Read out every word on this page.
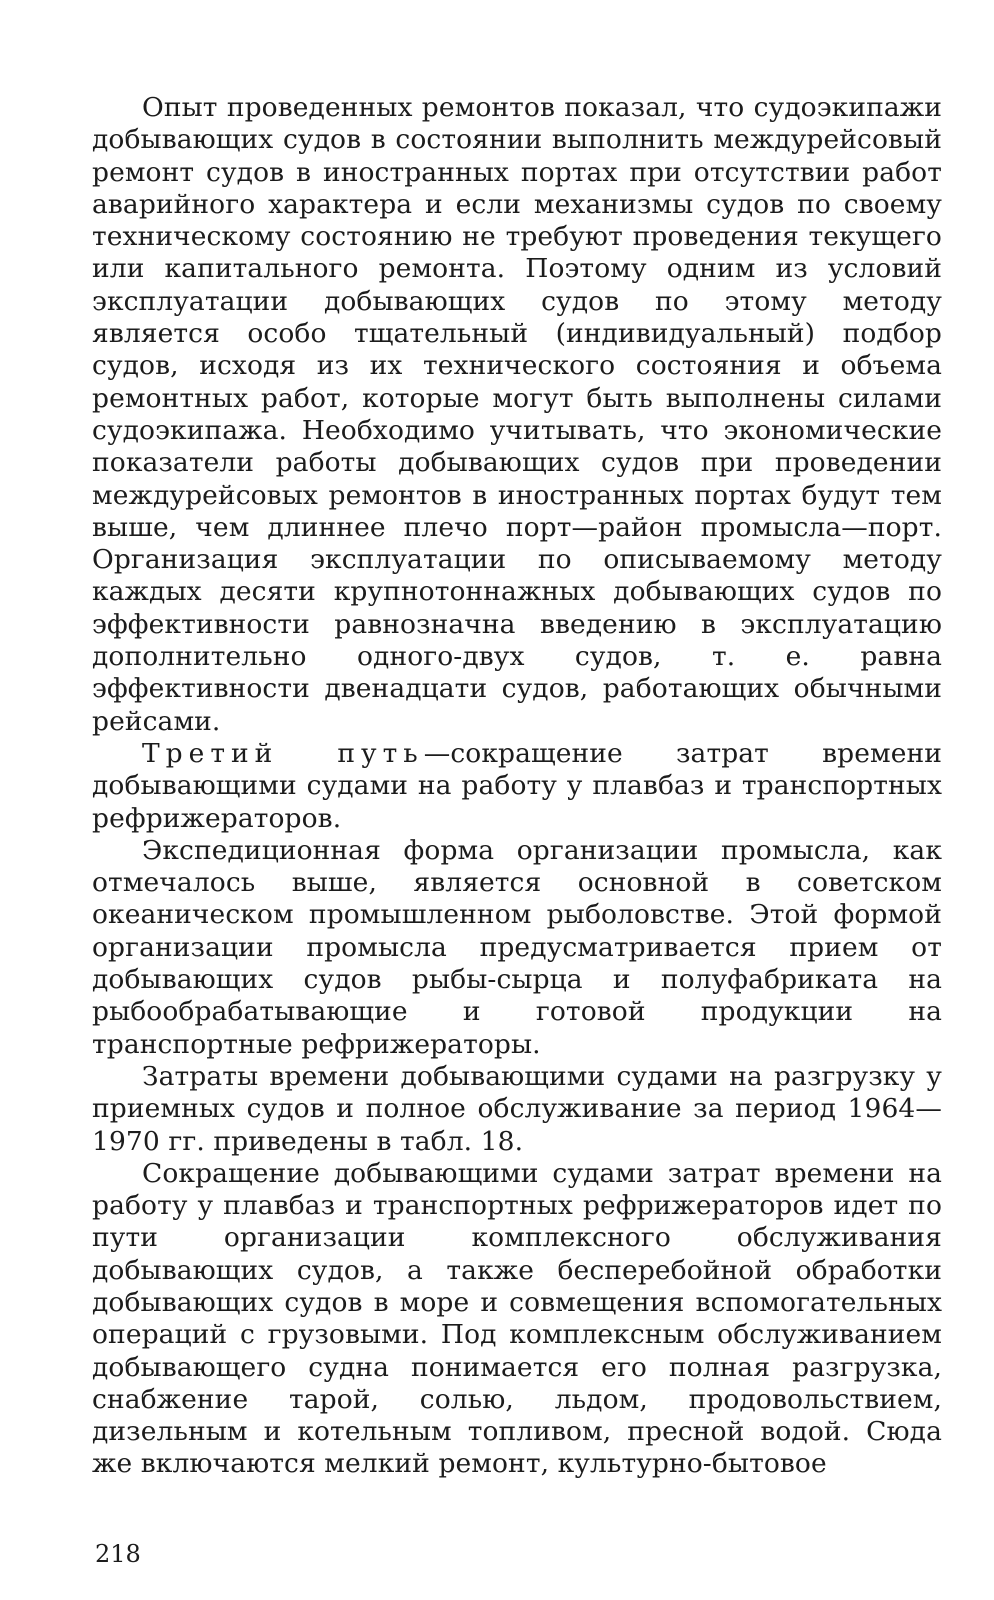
Опыт проведенных ремонтов показал, что судоэкипажи добывающих судов в состоянии выполнить междурейсовый ремонт судов в иностранных портах при отсутствии работ аварийного характера и если механизмы судов по своему техническому состоянию не требуют проведения текущего или капитального ремонта. Поэтому одним из условий эксплуатации добывающих судов по этому методу является особо тщательный (индивидуальный) подбор судов, исходя из их технического состояния и объема ремонтных работ, которые могут быть выполнены силами судоэкипажа. Необходимо учитывать, что экономические показатели работы добывающих судов при проведении междурейсовых ремонтов в иностранных портах будут тем выше, чем длиннее плечо порт—район промысла—порт. Организация эксплуатации по описываемому методу каждых десяти крупнотоннажных добывающих судов по эффективности равнозначна введению в эксплуатацию дополнительно одного-двух судов, т. е. равна эффективности двенадцати судов, работающих обычными рейсами.

Третий путь—сокращение затрат времени добывающими судами на работу у плавбаз и транспортных рефрижераторов.

Экспедиционная форма организации промысла, как отмечалось выше, является основной в советском океаническом промышленном рыболовстве. Этой формой организации промысла предусматривается прием от добывающих судов рыбы-сырца и полуфабриката на рыбообрабатывающие и готовой продукции на транспортные рефрижераторы.

Затраты времени добывающими судами на разгрузку у приемных судов и полное обслуживание за период 1964—1970 гг. приведены в табл. 18.

Сокращение добывающими судами затрат времени на работу у плавбаз и транспортных рефрижераторов идет по пути организации комплексного обслуживания добывающих судов, а также бесперебойной обработки добывающих судов в море и совмещения вспомогательных операций с грузовыми. Под комплексным обслуживанием добывающего судна понимается его полная разгрузка, снабжение тарой, солью, льдом, продовольствием, дизельным и котельным топливом, пресной водой. Сюда же включаются мелкий ремонт, культурно-бытовое

218
